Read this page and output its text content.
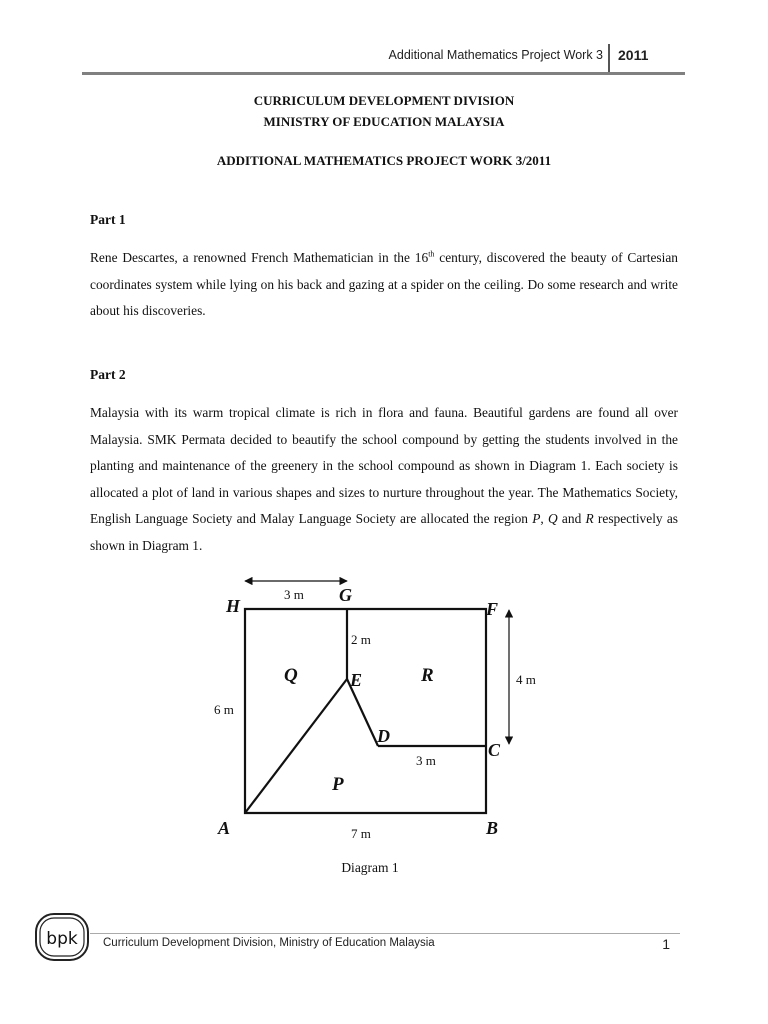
Additional Mathematics Project Work 3 2011
CURRICULUM DEVELOPMENT DIVISION
MINISTRY OF EDUCATION MALAYSIA
ADDITIONAL MATHEMATICS PROJECT WORK 3/2011
Part 1
Rene Descartes, a renowned French Mathematician in the 16th century, discovered the beauty of Cartesian coordinates system while lying on his back and gazing at a spider on the ceiling. Do some research and write about his discoveries.
Part 2
Malaysia with its warm tropical climate is rich in flora and fauna. Beautiful gardens are found all over Malaysia. SMK Permata decided to beautify the school compound by getting the students involved in the planting and maintenance of the greenery in the school compound as shown in Diagram 1. Each society is allocated a plot of land in various shapes and sizes to nurture throughout the year. The Mathematics Society, English Language Society and Malay Language Society are allocated the region P, Q and R respectively as shown in Diagram 1.
H
G
F
E
D
C
A	B
Q	R
P
3 m
2 m
4 m
6 m
3 m
7 m
Diagram 1
bpk Curriculum Development Division, Ministry of Education Malaysia	1
